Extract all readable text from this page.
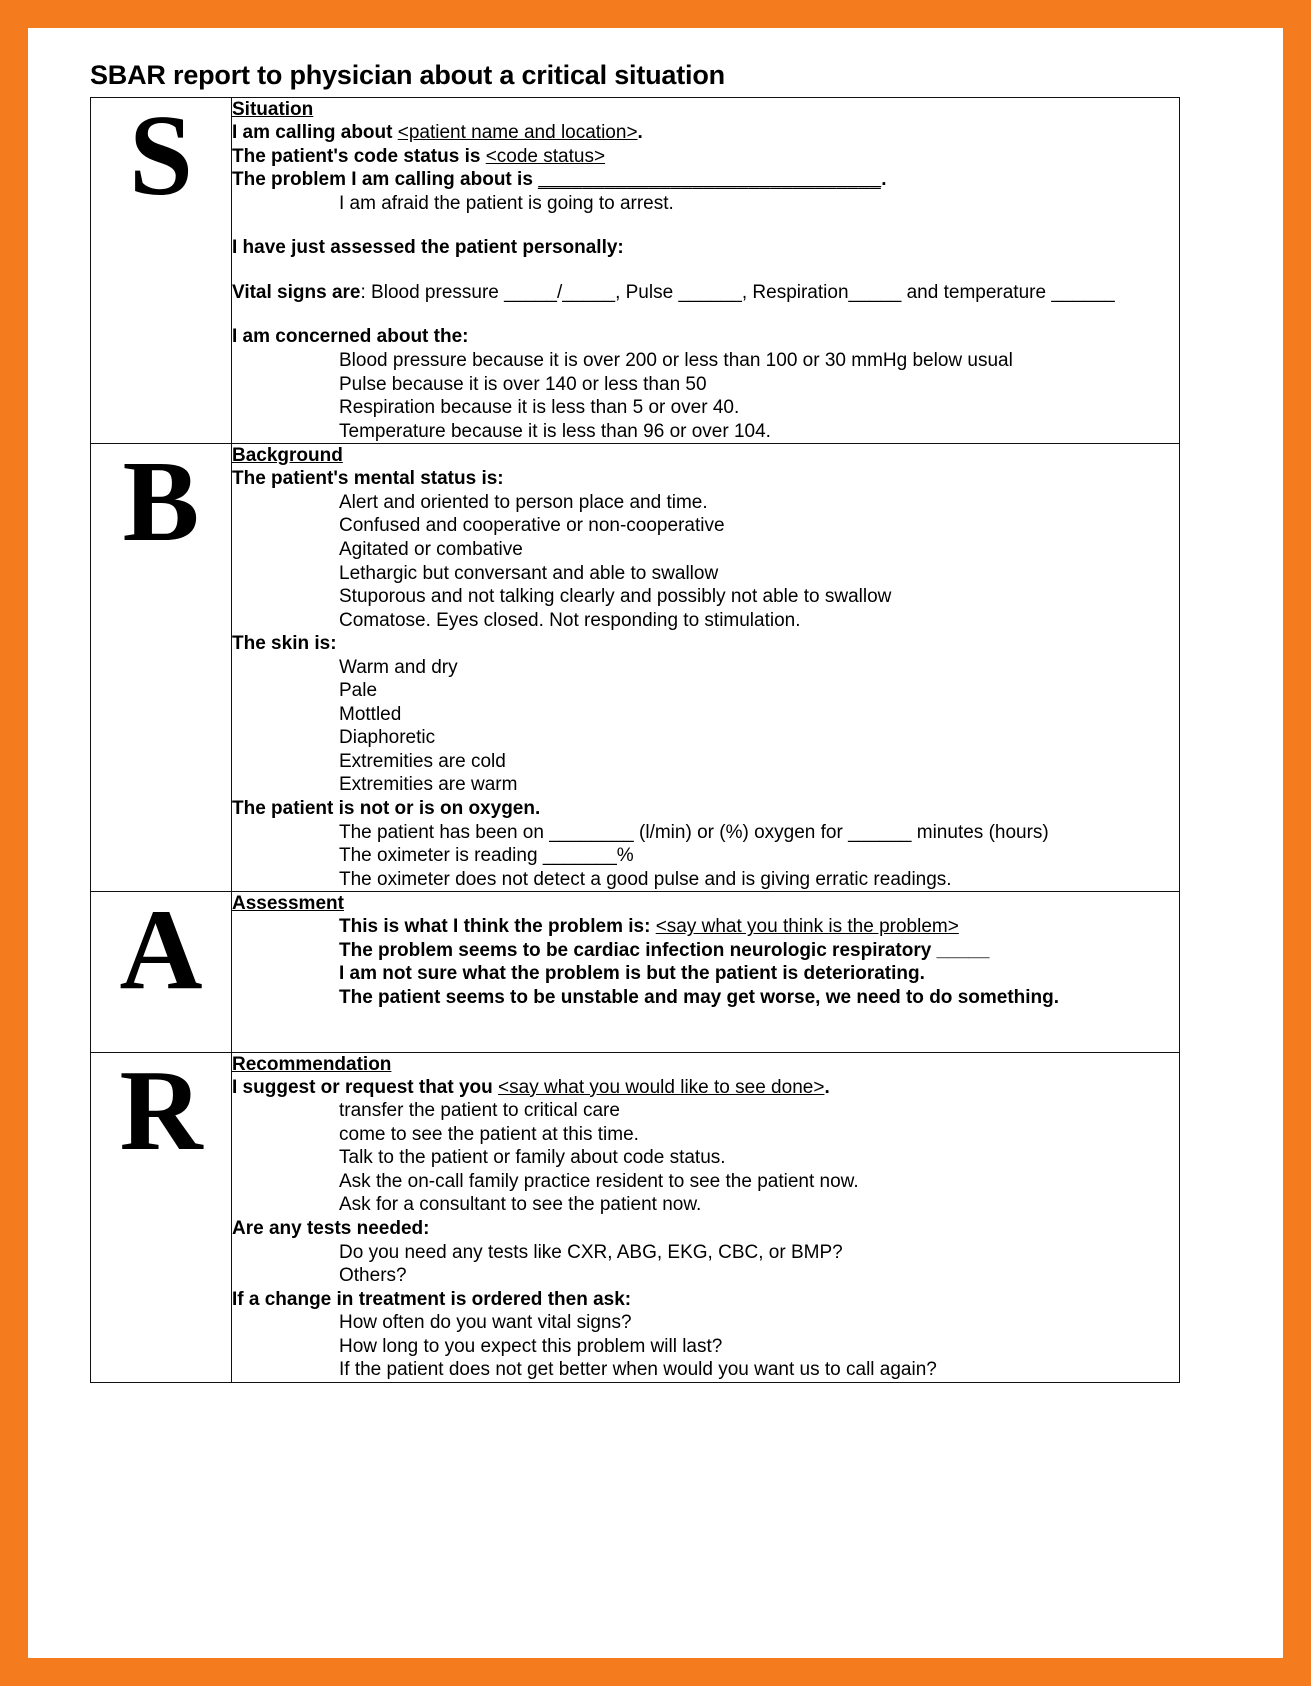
SBAR report to physician about a critical situation
S	Situation
I am calling about <patient name and location>.
The patient's code status is <code status>
The problem I am calling about is _______________________________.
I am afraid the patient is going to arrest.

I have just assessed the patient personally:

Vital signs are: Blood pressure _____/_____, Pulse ______, Respiration_____ and temperature ______

I am concerned about the:
Blood pressure because it is over 200 or less than 100 or 30 mmHg below usual
Pulse because it is over 140 or less than 50
Respiration because it is less than 5 or over 40.
Temperature because it is less than 96 or over 104.

B	Background
The patient's mental status is:
Alert and oriented to person place and time.
Confused and cooperative or non-cooperative
Agitated or combative
Lethargic but conversant and able to swallow
Stuporous and not talking clearly and possibly not able to swallow
Comatose. Eyes closed. Not responding to stimulation.
The skin is:
Warm and dry
Pale
Mottled
Diaphoretic
Extremities are cold
Extremities are warm
The patient is not or is on oxygen.
The patient has been on ________ (l/min) or (%) oxygen for ______ minutes (hours)
The oximeter is reading _______%
The oximeter does not detect a good pulse and is giving erratic readings.

A	Assessment
This is what I think the problem is: <say what you think is the problem>
The problem seems to be cardiac infection neurologic respiratory _____
I am not sure what the problem is but the patient is deteriorating.
The patient seems to be unstable and may get worse, we need to do something.

R	Recommendation
I suggest or request that you <say what you would like to see done>.
transfer the patient to critical care
come to see the patient at this time.
Talk to the patient or family about code status.
Ask the on-call family practice resident to see the patient now.
Ask for a consultant to see the patient now.
Are any tests needed:
Do you need any tests like CXR, ABG, EKG, CBC, or BMP?
Others?
If a change in treatment is ordered then ask:
How often do you want vital signs?
How long to you expect this problem will last?
If the patient does not get better when would you want us to call again?
